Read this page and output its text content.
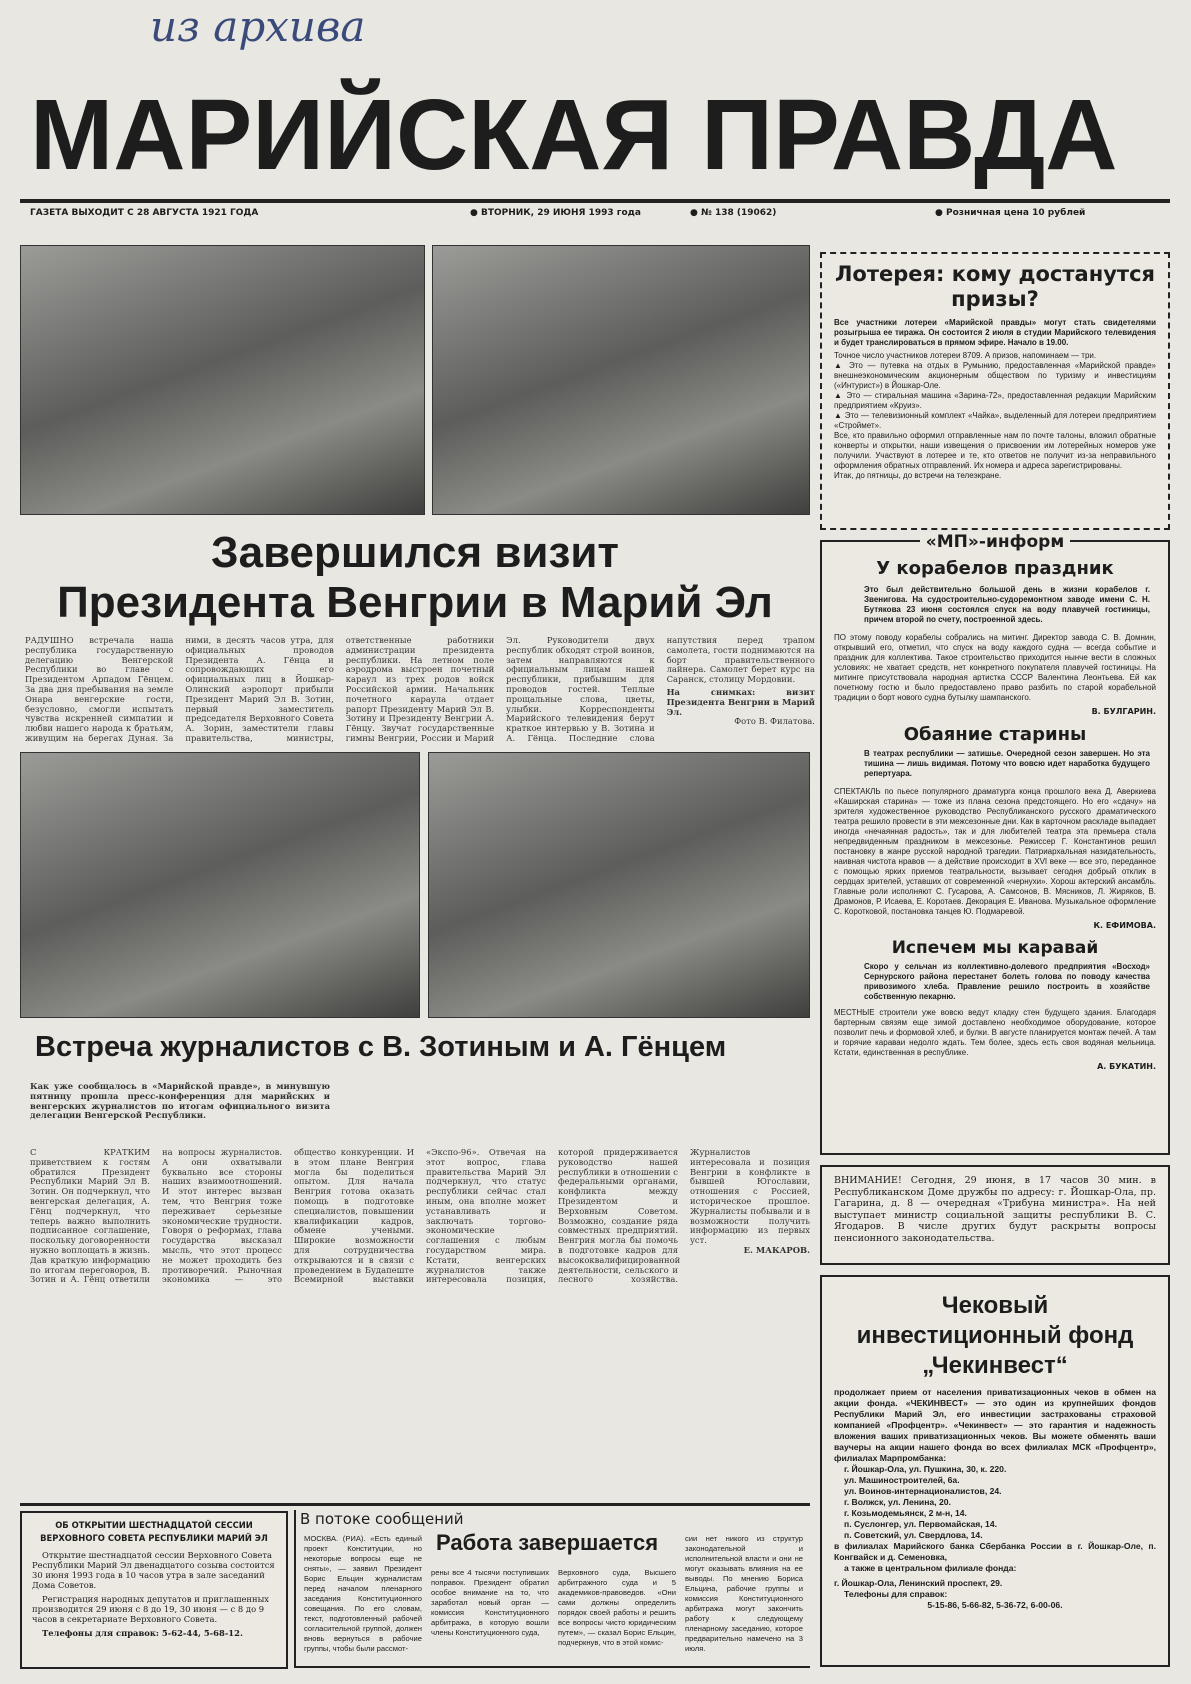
из архива
МАРИЙСКАЯ ПРАВДА
ГАЗЕТА ВЫХОДИТ С 28 АВГУСТА 1921 ГОДА	● ВТОРНИК, 29 ИЮНЯ 1993 года	● № 138 (19062)	● Розничная цена 10 рублей
Лотерея: кому достанутся призы?
Все участники лотереи «Марийской правды» могут стать свидетелями розыгрыша ее тиража. Он состоится 2 июля в студии Марийского телевидения и будет транслироваться в прямом эфире. Начало в 19.00.
Точное число участников лотереи 8709. А призов, напоминаем — три.
▲ Это — путевка на отдых в Румынию, предоставленная «Марийской правде» внешнеэкономическим акционерным обществом по туризму и инвестициям («Интурист») в Йошкар-Оле.
▲ Это — стиральная машина «Зарина-72», предоставленная редакции Марийским предприятием «Круиз».
▲ Это — телевизионный комплект «Чайка», выделенный для лотереи предприятием «Строймет».
Все, кто правильно оформил отправленные нам по почте талоны, вложил обратные конверты и открытки, наши извещения о присвоении им лотерейных номеров уже получили. Участвуют в лотерее и те, кто ответов не получит из-за неправильного оформления обратных отправлений. Их номера и адреса зарегистрированы.
Итак, до пятницы, до встречи на телеэкране.
Завершился визит
Президента Венгрии в Марий Эл
РАДУШНО встречала наша республика государственную делегацию Венгерской Республики во главе с Президентом Арпадом Гёнцем. За два дня пребывания на земле Онара венгерские гости, безусловно, смогли испытать чувства искренней симпатии и любви нашего народа к братьям, живущим на берегах Дуная. За ними, в десять часов утра, для официальных проводов Президента А. Гёнца и сопровождающих его официальных лиц в Йошкар-Олинский аэропорт прибыли Президент Марий Эл В. Зотин, первый заместитель председателя Верховного Совета А. Зорин, заместители главы правительства, министры, ответственные работники администрации президента республики. На летном поле аэродрома выстроен почетный караул из трех родов войск Российской армии. Начальник почетного караула отдает рапорт Президенту Марий Эл В. Зотину и Президенту Венгрии А. Гёнцу. Звучат государственные гимны Венгрии, России и Марий Эл. Руководители двух республик обходят строй воинов, затем направляются к официальным лицам нашей республики, прибывшим для проводов гостей. Теплые прощальные слова, цветы, улыбки. Корреспонденты Марийского телевидения берут краткое интервью у В. Зотина и А. Гёнца. Последние слова напутствия перед трапом самолета, гости поднимаются на борт правительственного лайнера. Самолет берет курс на Саранск, столицу Мордовии.
На снимках: визит Президента Венгрии в Марий Эл.
Фото В. Филатова.
«МП»-информ
У корабелов праздник
Это был действительно большой день в жизни корабелов г. Звенигова. На судостроительно-судоремонтном заводе имени С. Н. Бутякова 23 июня состоялся спуск на воду плавучей гостиницы, причем второй по счету, построенной здесь.
ПО этому поводу корабелы собрались на митинг. Директор завода С. В. Домнин, открывший его, отметил, что спуск на воду каждого судна — всегда событие и праздник для коллектива. Такое строительство приходится нынче вести в сложных условиях: не хватает средств, нет конкретного покупателя плавучей гостиницы. На митинге присутствовала народная артистка СССР Валентина Леонтьева. Ей как почетному гостю и было предоставлено право разбить по старой корабельной традиции о борт нового судна бутылку шампанского.
В. БУЛГАРИН.
Обаяние старины
В театрах республики — затишье. Очередной сезон завершен. Но эта тишина — лишь видимая. Потому что вовсю идет наработка будущего репертуара.
СПЕКТАКЛЬ по пьесе популярного драматурга конца прошлого века Д. Аверкиева «Каширская старина» — тоже из плана сезона предстоящего. Но его «сдачу» на зрителя художественное руководство Республиканского русского драматического театра решило провести в эти межсезонные дни. Как в карточном раскладе выпадает иногда «нечаянная радость», так и для любителей театра эта премьера стала непредвиденным праздником в межсезонье. Режиссер Г. Константинов решил постановку в жанре русской народной трагедии. Патриархальная назидательность, наивная чистота нравов — а действие происходит в XVI веке — все это, переданное с помощью ярких приемов театральности, вызывает сегодня добрый отклик в сердцах зрителей, уставших от современной «чернухи». Хорош актерский ансамбль. Главные роли исполняют С. Гусарова, А. Самсонов, В. Мясников, Л. Жиряков, В. Драмонов, Р. Исаева, Е. Коротаев. Декорация Е. Иванова. Музыкальное оформление С. Коротковой, постановка танцев Ю. Подмаревой.
К. ЕФИМОВА.
Испечем мы каравай
Скоро у сельчан из коллективно-долевого предприятия «Восход» Сернурского района перестанет болеть голова по поводу качества привозимого хлеба. Правление решило построить в хозяйстве собственную пекарню.
МЕСТНЫЕ строители уже вовсю ведут кладку стен будущего здания. Благодаря бартерным связям еще зимой доставлено необходимое оборудование, которое позволит печь и формовой хлеб, и булки. В августе планируется монтаж печей. А там и горячие караваи недолго ждать. Тем более, здесь есть своя водяная мельница. Кстати, единственная в республике.
А. БУКАТИН.
Встреча журналистов с В. Зотиным и А. Гёнцем
Как уже сообщалось в «Марийской правде», в минувшую пятницу прошла пресс-конференция для марийских и венгерских журналистов по итогам официального визита делегации Венгерской Республики.
С КРАТКИМ приветствием к гостям обратился Президент Республики Марий Эл В. Зотин. Он подчеркнул, что венгерская делегация, А. Гёнц подчеркнул, что теперь важно выполнить подписанное соглашение, поскольку договоренности нужно воплощать в жизнь. Дав краткую информацию по итогам переговоров, В. Зотин и А. Гёнц ответили на вопросы журналистов. А они охватывали буквально все стороны наших взаимоотношений. И этот интерес вызван тем, что Венгрия тоже переживает серьезные экономические трудности. Говоря о реформах, глава государства высказал мысль, что этот процесс не может проходить без противоречий. Рыночная экономика — это общество конкуренции. И в этом плане Венгрия могла бы поделиться опытом. Для начала Венгрия готова оказать помощь в подготовке специалистов, повышении квалификации кадров, обмене учеными. Широкие возможности для сотрудничества открываются и в связи с проведением в Будапеште Всемирной выставки «Экспо-96». Отвечая на этот вопрос, глава правительства Марий Эл подчеркнул, что статус республики сейчас стал иным, она вполне может устанавливать и заключать торгово-экономические соглашения с любым государством мира. Кстати, венгерских журналистов также интересовала позиция, которой придерживается руководство нашей республики в отношении с федеральными органами, конфликта между Президентом и Верховным Советом. Возможно, создание ряда совместных предприятий. Венгрия могла бы помочь в подготовке кадров для высококвалифицированной деятельности, сельского и лесного хозяйства. Журналистов интересовала и позиция Венгрии в конфликте в бывшей Югославии, отношения с Россией, историческое прошлое. Журналисты побывали и в возможности получить информацию из первых уст.
Е. МАКАРОВ.
ВНИМАНИЕ! Сегодня, 29 июня, в 17 часов 30 мин. в Республиканском Доме дружбы по адресу: г. Йошкар-Ола, пр. Гагарина, д. 8 — очередная «Трибуна министра». На ней выступает министр социальной защиты республики В. С. Ягодаров. В числе других будут раскрыты вопросы пенсионного законодательства.
Чековый
инвестиционный фонд
„Чекинвест“
продолжает прием от населения приватизационных чеков в обмен на акции фонда. «ЧЕКИНВЕСТ» — это один из крупнейших фондов Республики Марий Эл, его инвестиции застрахованы страховой компанией «Профцентр». «Чекинвест» — это гарантия и надежность вложения ваших приватизационных чеков. Вы можете обменять ваши ваучеры на акции нашего фонда во всех филиалах МСК «Профцентр», филиалах Марпромбанка:
г. Йошкар-Ола, ул. Пушкина, 30, к. 220.
ул. Машиностроителей, 6а.
ул. Воинов-интернационалистов, 24.
г. Волжск, ул. Ленина, 20.
г. Козьмодемьянск, 2 м-н, 14.
п. Суслонгер, ул. Первомайская, 14.
п. Советский, ул. Свердлова, 14.
в филиалах Марийского банка Сбербанка России в г. Йошкар-Оле, п. Конгвайск и д. Семеновка,
а также в центральном филиале фонда:
г. Йошкар-Ола, Ленинский проспект, 29.
Телефоны для справок:
5-15-86, 5-66-82, 5-36-72, 6-00-06.
ОБ ОТКРЫТИИ ШЕСТНАДЦАТОЙ СЕССИИ
ВЕРХОВНОГО СОВЕТА РЕСПУБЛИКИ МАРИЙ ЭЛ

Открытие шестнадцатой сессии Верховного Совета Республики Марий Эл двенадцатого созыва состоится 30 июня 1993 года в 10 часов утра в зале заседаний Дома Советов.

Регистрация народных депутатов и приглашенных производится 29 июня с 8 до 19, 30 июня — с 8 до 9 часов в секретариате Верховного Совета.

Телефоны для справок: 5-62-44, 5-68-12.

В потоке сообщений
МОСКВА. (РИА). «Есть единый проект Конституции, но некоторые вопросы еще не сняты», — заявил Президент Борис Ельцин журналистам перед началом пленарного заседания Конституционного совещания. По его словам, текст, подготовленный рабочей согласительной группой, должен вновь вернуться в рабочие группы, чтобы были рассмот-
Работа завершается
рены все 4 тысячи поступивших поправок. Президент обратил особое внимание на то, что заработал новый орган — комиссия Конституционного арбитража, в которую вошли члены Конституционного суда,
Верховного суда, Высшего арбитражного суда и 5 академиков-правоведов. «Они сами должны определить порядок своей работы и решить все вопросы чисто юридическим путем», — сказал Борис Ельцин, подчеркнув, что в этой комис-
сии нет никого из структур законодательной и исполнительной власти и они не могут оказывать влияния на ее выводы. По мнению Бориса Ельцина, рабочие группы и комиссия Конституционного арбитража могут закончить работу к следующему пленарному заседанию, которое предварительно намечено на 3 июля.
